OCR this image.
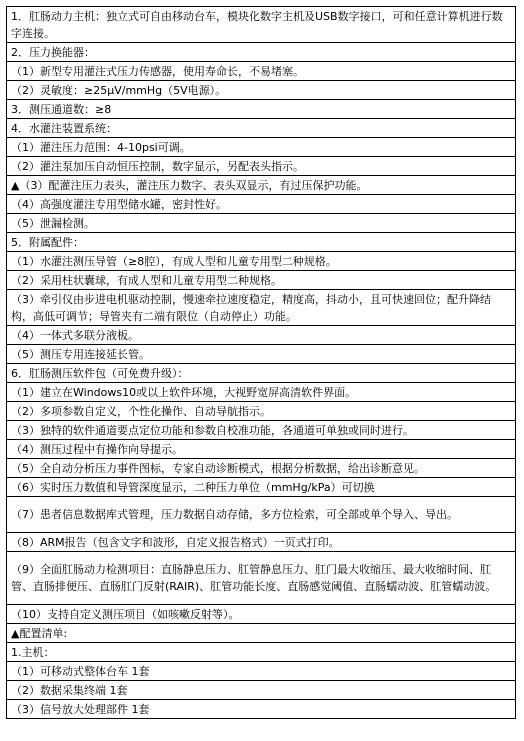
1．肛肠动力主机：独立式可自由移动台车，模块化数字主机及USB数字接口，可和任意计算机进行数字连接。
2．压力换能器：
（1）新型专用灌注式压力传感器，使用寿命长，不易堵塞。
（2）灵敏度：≥25μV/mmHg（5V电源）。
3．测压通道数：≥8
4．水灌注装置系统：
（1）灌注压力范围：4-10psi可调。
（2）灌注泵加压自动恒压控制，数字显示，另配表头指示。
▲（3）配灌注压力表头，灌注压力数字、表头双显示，有过压保护功能。
（4）高强度灌注专用型储水罐，密封性好。
（5）泄漏检测。
5．附属配件：
（1）水灌注测压导管（≥8腔），有成人型和儿童专用型二种规格。
（2）采用柱状囊球，有成人型和儿童专用型二种规格。
（3）牵引仪由步进电机驱动控制，慢速牵拉速度稳定，精度高，抖动小，且可快速回位；配升降结构，高低可调节；导管夹有二端有限位（自动停止）功能。
（4）一体式多联分液板。
（5）测压专用连接延长管。
6．肛肠测压软件包（可免费升级）：
（1）建立在Windows10或以上软件环境，大视野宽屏高清软件界面。
（2）多项参数自定义，个性化操作、自动导航指示。
（3）独特的软件通道要点定位功能和参数自校准功能，各通道可单独或同时进行。
（4）测压过程中有操作向导提示。
（5）全自动分析压力事件图标，专家自动诊断模式，根据分析数据，给出诊断意见。
（6）实时压力数值和导管深度显示，二种压力单位（mmHg/kPa）可切换
（7）患者信息数据库式管理，压力数据自动存储，多方位检索，可全部或单个导入、导出。
（8）ARM报告（包含文字和波形，自定义报告格式）一页式打印。
（9）全面肛肠动力检测项目：直肠静息压力、肛管静息压力、肛门最大收缩压、最大收缩时间、肛管、直肠排便压、直肠肛门反射(RAIR)、肛管功能长度、直肠感觉阈值、直肠蠕动波、肛管蠕动波。
（10）支持自定义测压项目（如咳嗽反射等）。
▲配置清单:
1.主机：
（1）可移动式整体台车 1套
（2）数据采集终端 1套
（3）信号放大处理部件 1套
